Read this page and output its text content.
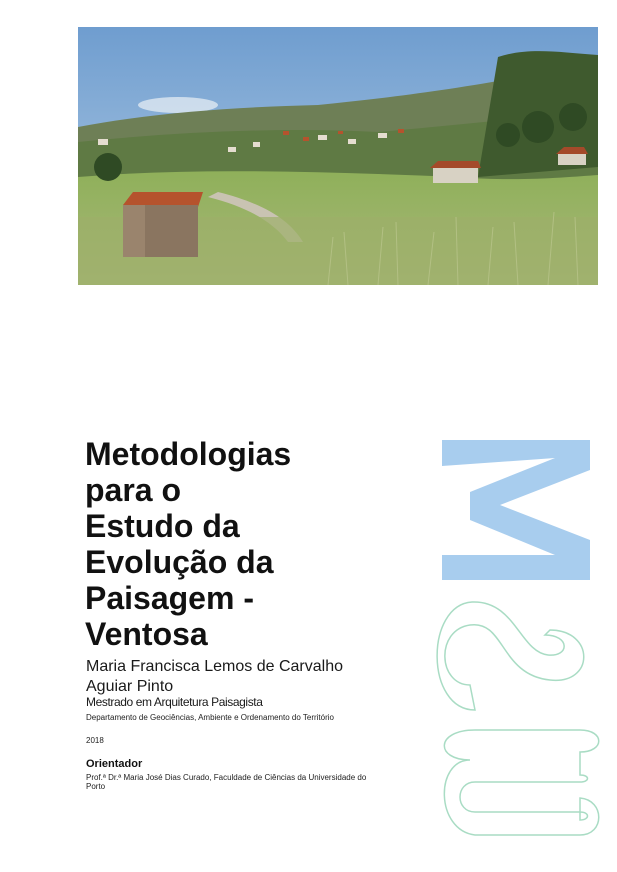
Metodologias
para o
Estudo da
Evolução da
Paisagem -
Ventosa
Maria Francisca Lemos de Carvalho
Aguiar Pinto
Mestrado em Arquitetura Paisagista
Departamento de Geociências, Ambiente e Ordenamento do Território
2018
Orientador
Prof.ª Dr.ª Maria José Dias Curado, Faculdade de Ciências da Universidade do Porto
